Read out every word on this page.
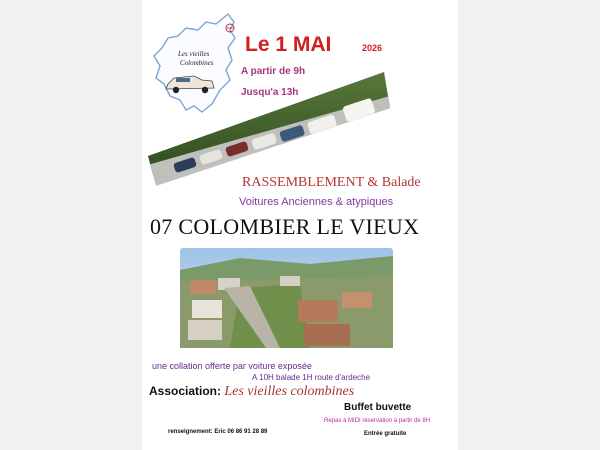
Les vieilles
Colombines
Le 1 MAI	2026
A partir de 9h
Jusqu'a 13h
RASSEMBLEMENT & Balade
Voitures Anciennes & atypiques
07 COLOMBIER LE VIEUX
une collation offerte par voiture exposée
A 10H balade 1H route d'ardeche
Association: Les vieilles colombines
Buffet buvette
Repas à MIDI réservation à partir de 8H
renseignement: Eric 06 86 91 28 89	Entrée gratuite
